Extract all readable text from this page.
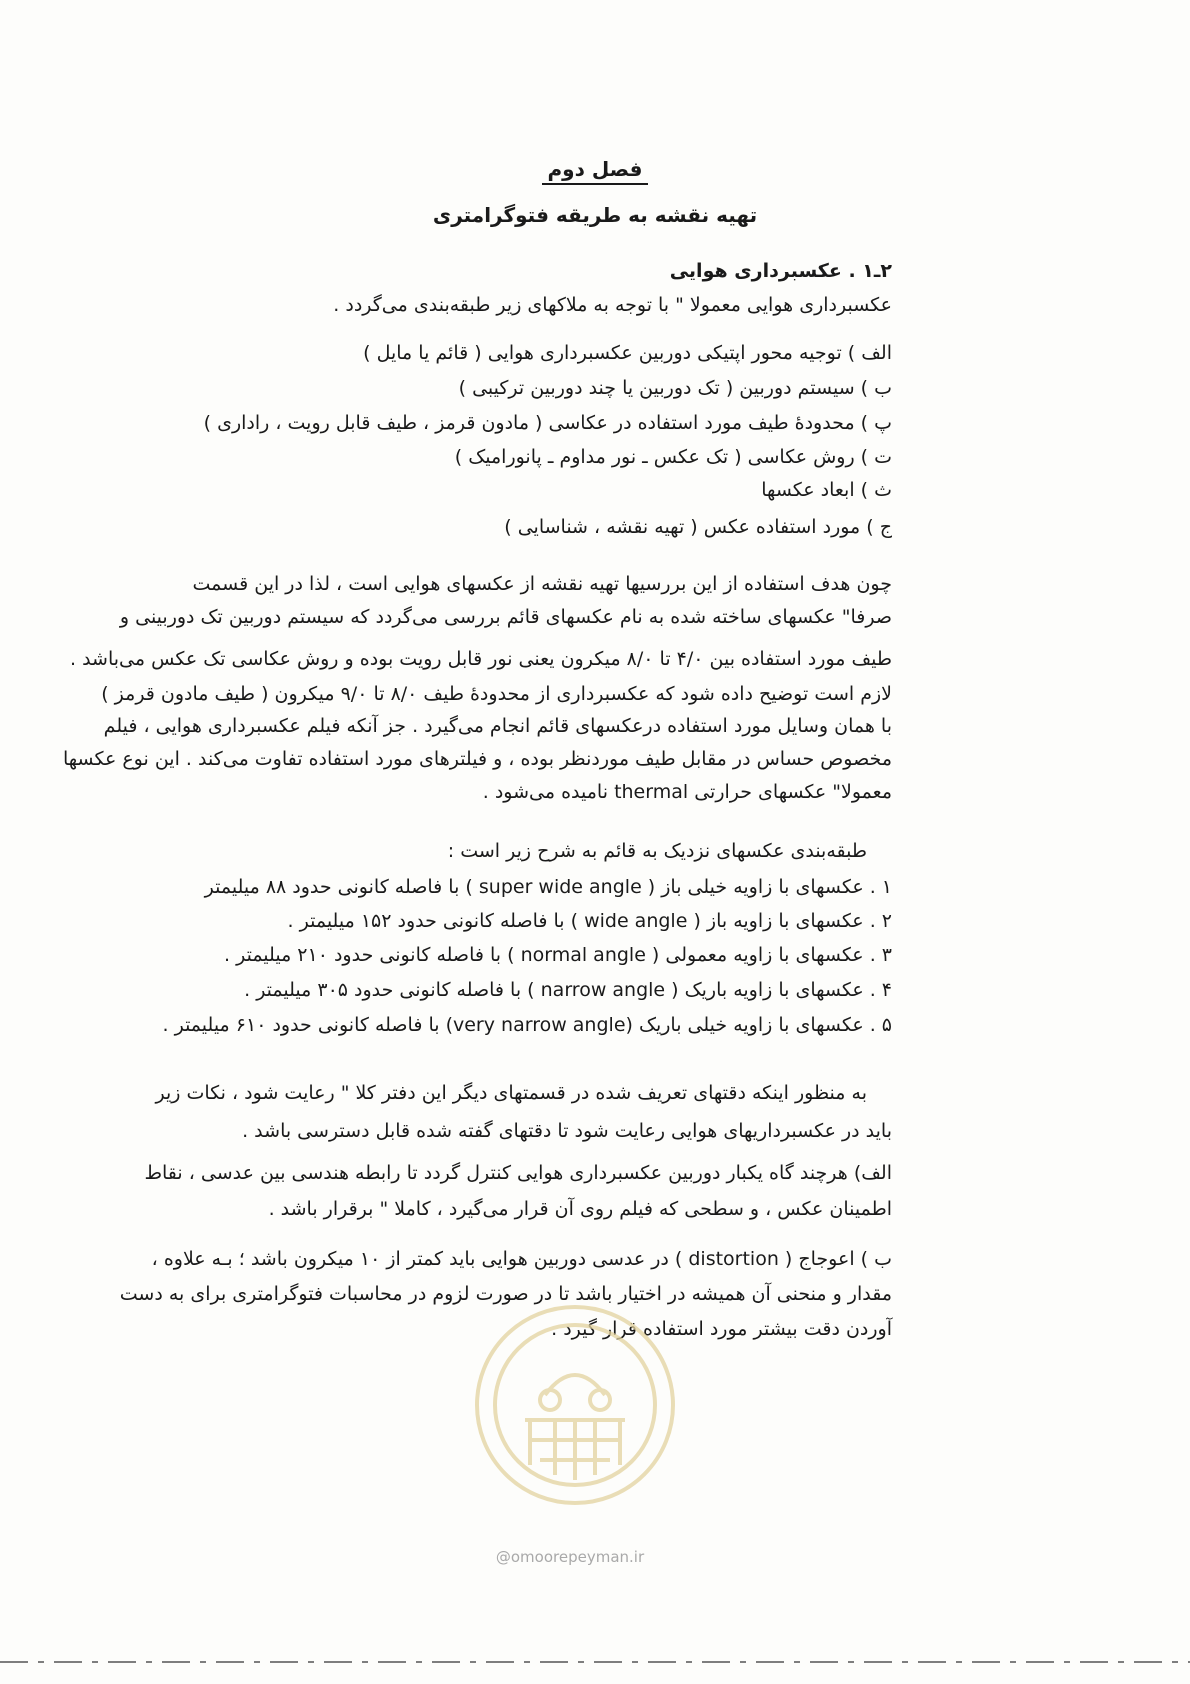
فصل دوم
تهیه نقشه به طریقه فتوگرامتری
۲ـ۱ . عکسبرداری هوایی
عکسبرداری هوایی معمولا " با توجه به ملاکهای زیر طبقه‌بندی می‌گردد .
الف ) توجیه محور اپتیکی دوربین عکسبرداری هوایی ( قائم یا مایل )
ب ) سیستم دوربین ( تک دوربین یا چند دوربین ترکیبی )
پ ) محدوده‌ٔ طیف مورد استفاده در عکاسی ( مادون قرمز ، طیف قابل رویت ، راداری )
ت ) روش عکاسی ( تک عکس ـ نور مداوم ـ پانورامیک )
ث ) ابعاد عکسها
ج ) مورد استفاده عکس ( تهیه نقشه ، شناسایی )
چون هدف استفاده از این بررسیها تهیه نقشه از عکسهای هوایی است ، لذا در این قسمت
صرفا" عکسهای ساخته شده به نام عکسهای قائم بررسی می‌گردد که سیستم دوربین تک دوربینی و
طیف مورد استفاده بین ۴/۰ تا ۸/۰ میکرون یعنی نور قابل رویت بوده و روش عکاسی تک عکس می‌باشد .
لازم است توضیح داده شود که عکسبرداری از محدوده‌ٔ طیف ۸/۰ تا ۹/۰ میکرون ( طیف مادون قرمز )
با همان وسایل مورد استفاده درعکسهای قائم انجام می‌گیرد . جز آنکه فیلم عکسبرداری هوایی ، فیلم
مخصوص حساس در مقابل طیف موردنظر بوده ، و فیلترهای مورد استفاده تفاوت می‌کند . این نوع عکسها
معمولا" عکسهای حرارتی thermal نامیده می‌شود .
طبقه‌بندی عکسهای نزدیک به قائم به شرح زیر است :
۱ . عکسهای با زاویه خیلی باز ( super wide angle ) با فاصله کانونی حدود ۸۸ میلیمتر
۲ . عکسهای با زاویه باز ( wide angle ) با فاصله کانونی حدود ۱۵۲ میلیمتر .
۳ . عکسهای با زاویه معمولی ( normal angle ) با فاصله کانونی حدود ۲۱۰ میلیمتر .
۴ . عکسهای با زاویه باریک ( narrow angle ) با فاصله کانونی حدود ۳۰۵ میلیمتر .
۵ . عکسهای با زاویه خیلی باریک (very narrow angle) با فاصله کانونی حدود ۶۱۰ میلیمتر .
به منظور اینکه دقتهای تعریف شده در قسمتهای دیگر این دفتر کلا " رعایت شود ، نکات زیر
باید در عکسبرداریهای هوایی رعایت شود تا دقتهای گفته شده قابل دسترسی باشد .
الف) هرچند گاه یکبار دوربین عکسبرداری هوایی کنترل گردد تا رابطه هندسی بین عدسی ، نقاط
اطمینان عکس ، و سطحی که فیلم روی آن قرار می‌گیرد ، کاملا " برقرار باشد .
ب ) اعوجاج ( distortion ) در عدسی دوربین هوایی باید کمتر از ۱۰ میکرون باشد ؛ بـه علاوه ،
مقدار و منحنی آن همیشه در اختیار باشد تا در صورت لزوم در محاسبات فتوگرامتری برای به دست
آوردن دقت بیشتر مورد استفاده قرار گیرد .
@omoorepeyman.ir
